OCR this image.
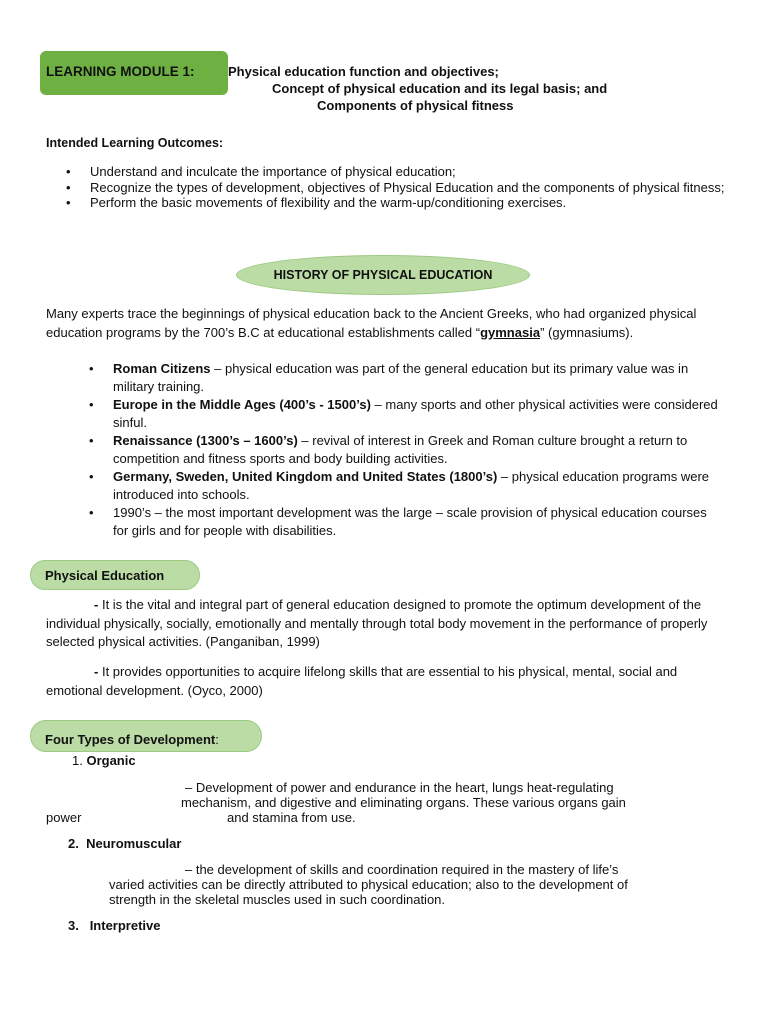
LEARNING MODULE 1:	Physical education function and objectives;
Concept of physical education and its legal basis; and
Components of physical fitness
Intended Learning Outcomes:
• Understand and inculcate the importance of physical education;
• Recognize the types of development, objectives of Physical Education and the components of physical fitness;
• Perform the basic movements of flexibility and the warm-up/conditioning exercises.
HISTORY OF PHYSICAL EDUCATION
Many experts trace the beginnings of physical education back to the Ancient Greeks, who had organized physical education programs by the 700’s B.C at educational establishments called “gymnasia” (gymnasiums).

• Roman Citizens – physical education was part of the general education but its primary value was in military training.

• Europe in the Middle Ages (400’s - 1500’s) – many sports and other physical activities were considered sinful.

• Renaissance (1300’s – 1600’s) – revival of interest in Greek and Roman culture brought a return to competition and fitness sports and body building activities.

• Germany, Sweden, United Kingdom and United States (1800’s) – physical education programs were introduced into schools.

• 1990’s – the most important development was the large – scale provision of physical education courses for girls and for people with disabilities.

Physical Education
- It is the vital and integral part of general education designed to promote the optimum development of the individual physically, socially, emotionally and mentally through total body movement in the performance of properly selected physical activities. (Panganiban, 1999)
- It provides opportunities to acquire lifelong skills that are essential to his physical, mental, social and emotional development. (Oyco, 2000)
Four Types of Development:
1. Organic
– Development of power and endurance in the heart, lungs heat-regulating
mechanism, and digestive and eliminating organs. These various organs gain
power	and stamina from use.
2. Neuromuscular
– the development of skills and coordination required in the mastery of life’s
varied activities can be directly attributed to physical education; also to the development of
strength in the skeletal muscles used in such coordination.
3. Interpretive
